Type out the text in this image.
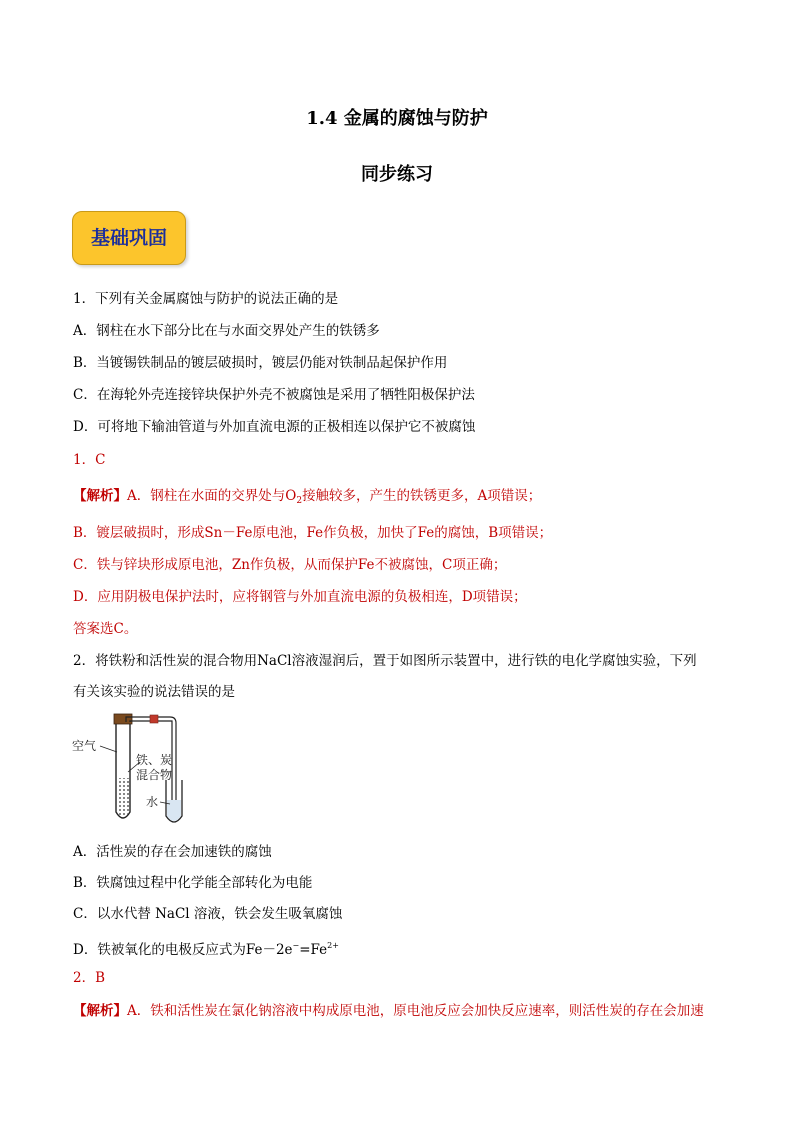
1.4 金属的腐蚀与防护
同步练习
基础巩固
1．下列有关金属腐蚀与防护的说法正确的是
A．钢柱在水下部分比在与水面交界处产生的铁锈多
B．当镀锡铁制品的镀层破损时，镀层仍能对铁制品起保护作用
C．在海轮外壳连接锌块保护外壳不被腐蚀是采用了牺牲阳极保护法
D．可将地下输油管道与外加直流电源的正极相连以保护它不被腐蚀
1．C
【解析】A．钢柱在水面的交界处与$O_2$接触较多，产生的铁锈更多，A项错误；
B．镀层破损时，形成Sn－Fe原电池，Fe作负极，加快了Fe的腐蚀，B项错误；
C．铁与锌块形成原电池，Zn作负极，从而保护Fe不被腐蚀，C项正确；
D．应用阴极电保护法时，应将钢管与外加直流电源的负极相连，D项错误；
答案选C。
2．将铁粉和活性炭的混合物用NaCl溶液湿润后，置于如图所示装置中，进行铁的电化学腐蚀实验，下列
有关该实验的说法错误的是
空气
铁、炭
混合物
水
A．活性炭的存在会加速铁的腐蚀
B．铁腐蚀过程中化学能全部转化为电能
C．以水代替 NaCl 溶液，铁会发生吸氧腐蚀
D．铁被氧化的电极反应式为$Fe-2e^-=Fe^{2+}$
2．B
【解析】A．铁和活性炭在氯化钠溶液中构成原电池，原电池反应会加快反应速率，则活性炭的存在会加速
